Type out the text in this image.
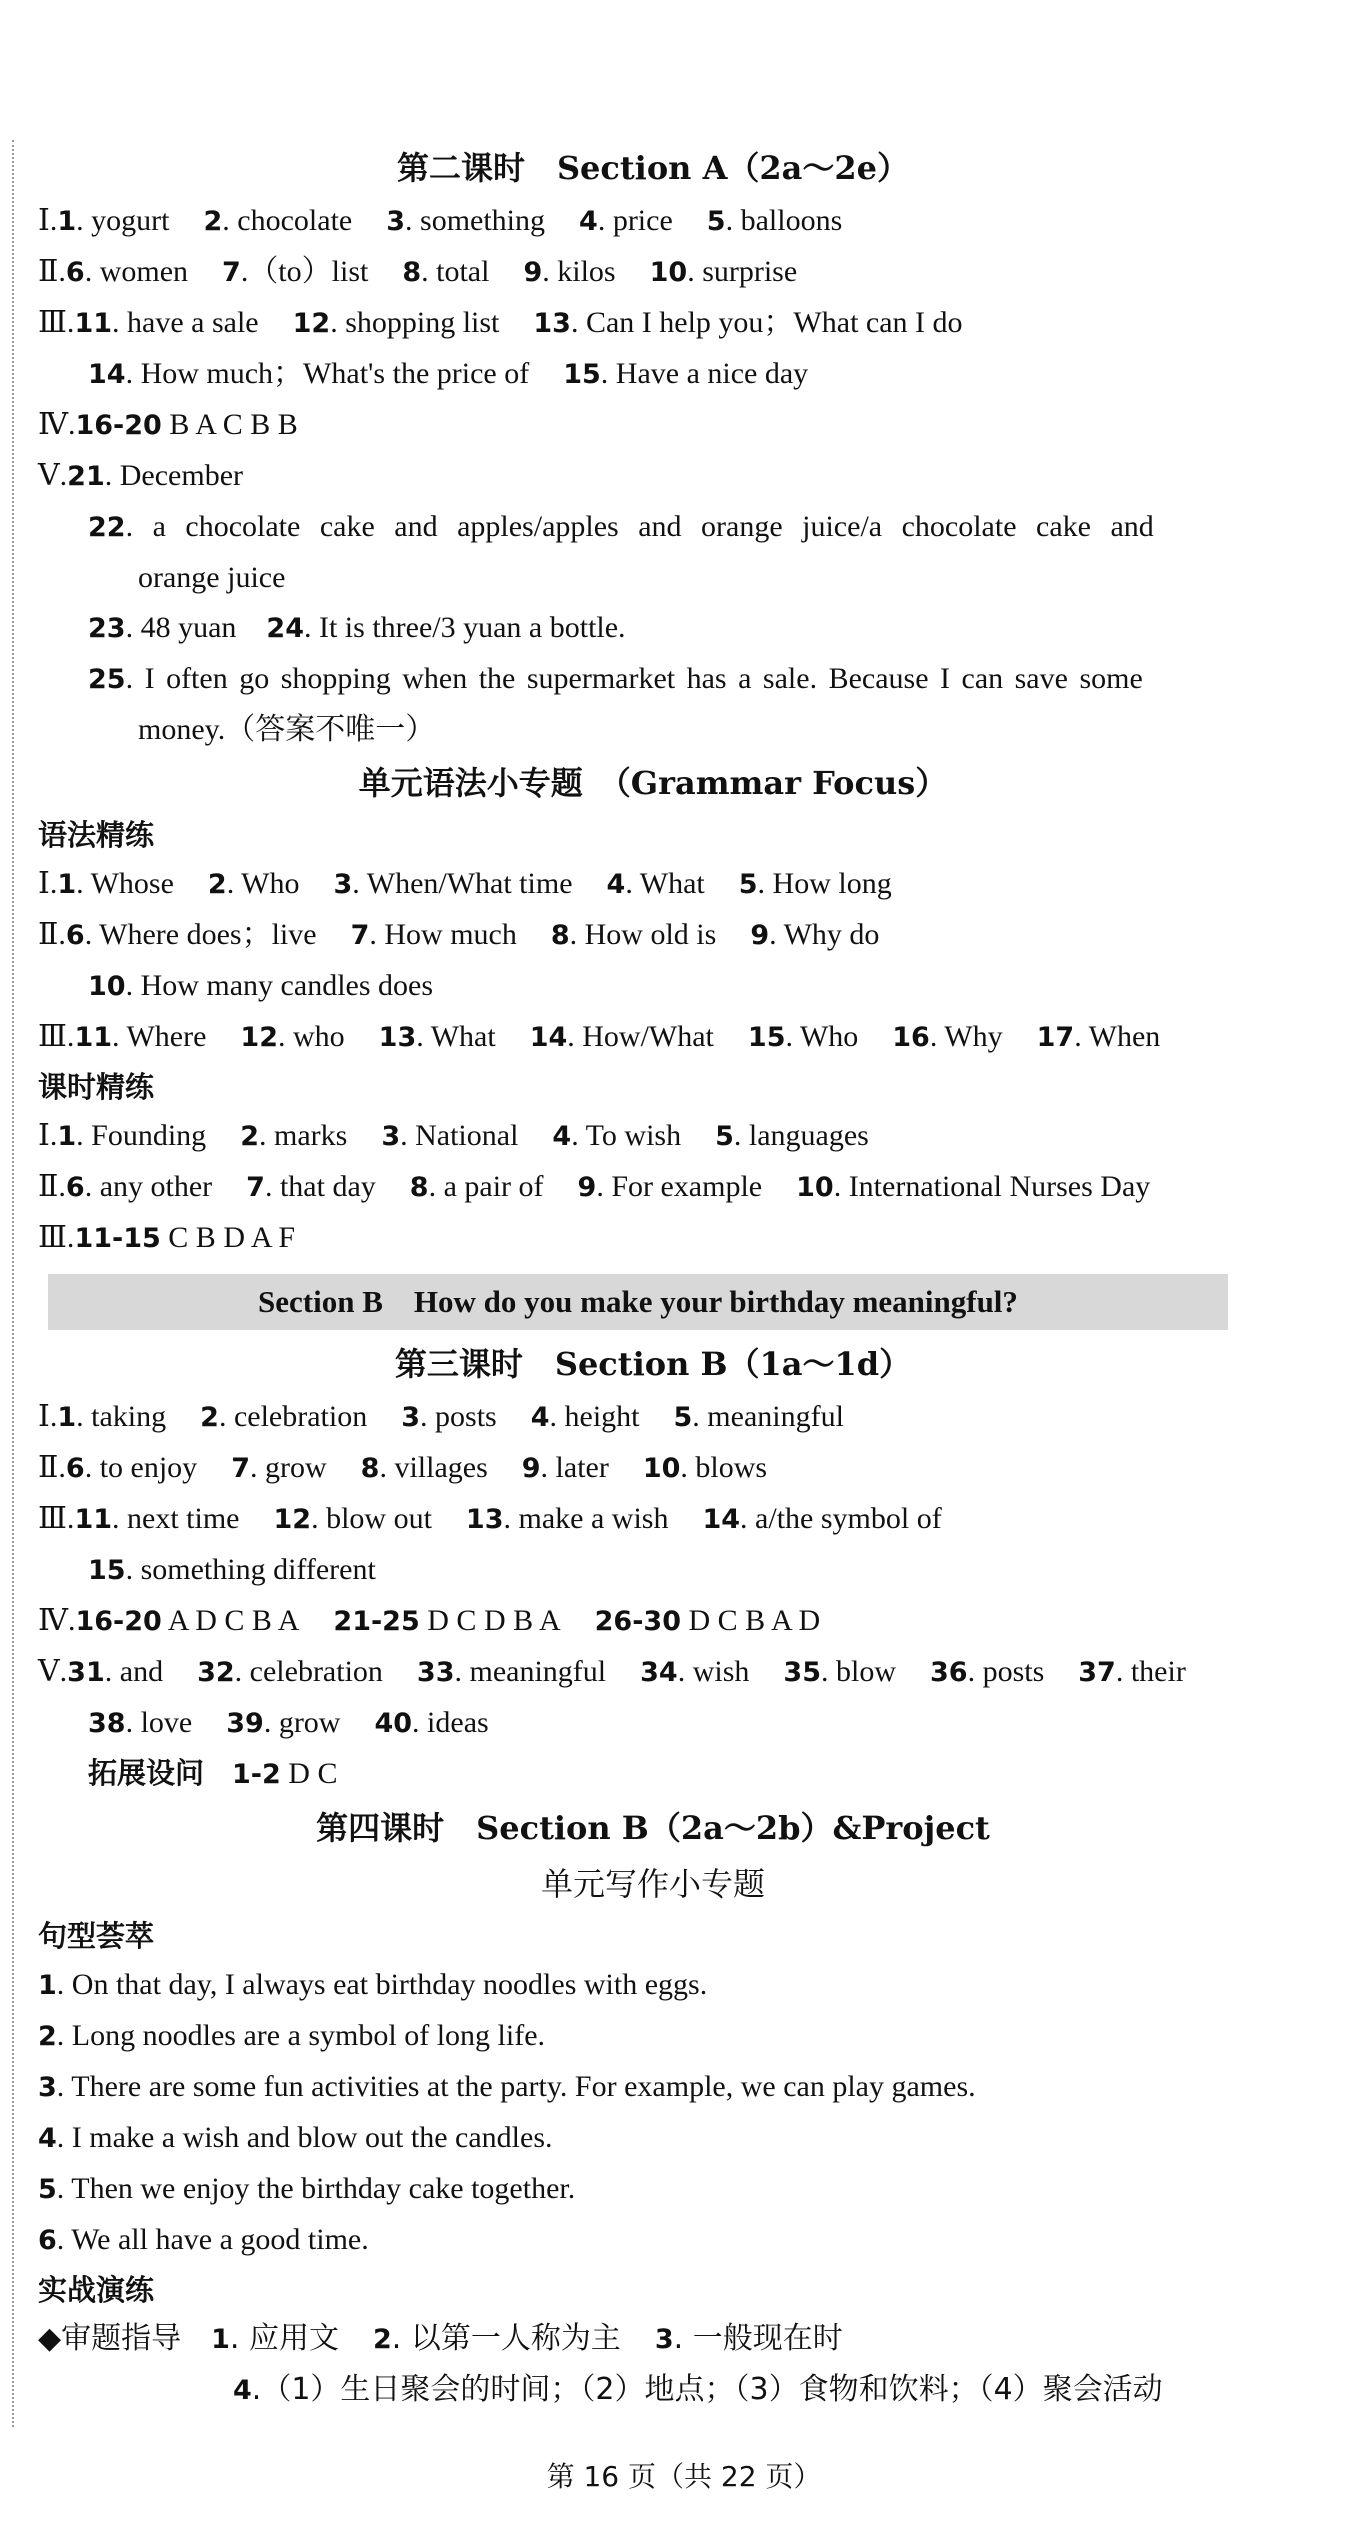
第二课时　Section A（2a～2e）
Ⅰ.1. yogurt 2. chocolate 3. something 4. price 5. balloons
Ⅱ.6. women 7.（to）list 8. total 9. kilos 10. surprise
Ⅲ.11. have a sale 12. shopping list 13. Can I help you；What can I do
14. How much；What's the price of 15. Have a nice day
Ⅳ.16-20 B A C B B
Ⅴ.21. December
22. a chocolate cake and apples/apples and orange juice/a chocolate cake and
orange juice
23. 48 yuan 24. It is three/3 yuan a bottle.
25. I often go shopping when the supermarket has a sale. Because I can save some
money.（答案不唯一）
单元语法小专题　（Grammar Focus）
语法精练
Ⅰ.1. Whose 2. Who 3. When/What time 4. What 5. How long
Ⅱ.6. Where does；live 7. How much 8. How old is 9. Why do
10. How many candles does
Ⅲ.11. Where 12. who 13. What 14. How/What 15. Who 16. Why 17. When
课时精练
Ⅰ.1. Founding 2. marks 3. National 4. To wish 5. languages
Ⅱ.6. any other 7. that day 8. a pair of 9. For example 10. International Nurses Day
Ⅲ.11-15 C B D A F
Section B　How do you make your birthday meaningful?
第三课时　Section B（1a～1d）
Ⅰ.1. taking 2. celebration 3. posts 4. height 5. meaningful
Ⅱ.6. to enjoy 7. grow 8. villages 9. later 10. blows
Ⅲ.11. next time 12. blow out 13. make a wish 14. a/the symbol of
15. something different
Ⅳ.16-20 A D C B A 21-25 D C D B A 26-30 D C B A D
Ⅴ.31. and 32. celebration 33. meaningful 34. wish 35. blow 36. posts 37. their
38. love 39. grow 40. ideas
拓展设问 1-2 D C
第四课时　Section B（2a～2b）&Project
单元写作小专题
句型荟萃
1. On that day, I always eat birthday noodles with eggs.
2. Long noodles are a symbol of long life.
3. There are some fun activities at the party. For example, we can play games.
4. I make a wish and blow out the candles.
5. Then we enjoy the birthday cake together.
6. We all have a good time.
实战演练
◆审题指导 1. 应用文 2. 以第一人称为主 3. 一般现在时
4.（1）生日聚会的时间；（2）地点；（3）食物和饮料；（4）聚会活动
第 16 页（共 22 页）
